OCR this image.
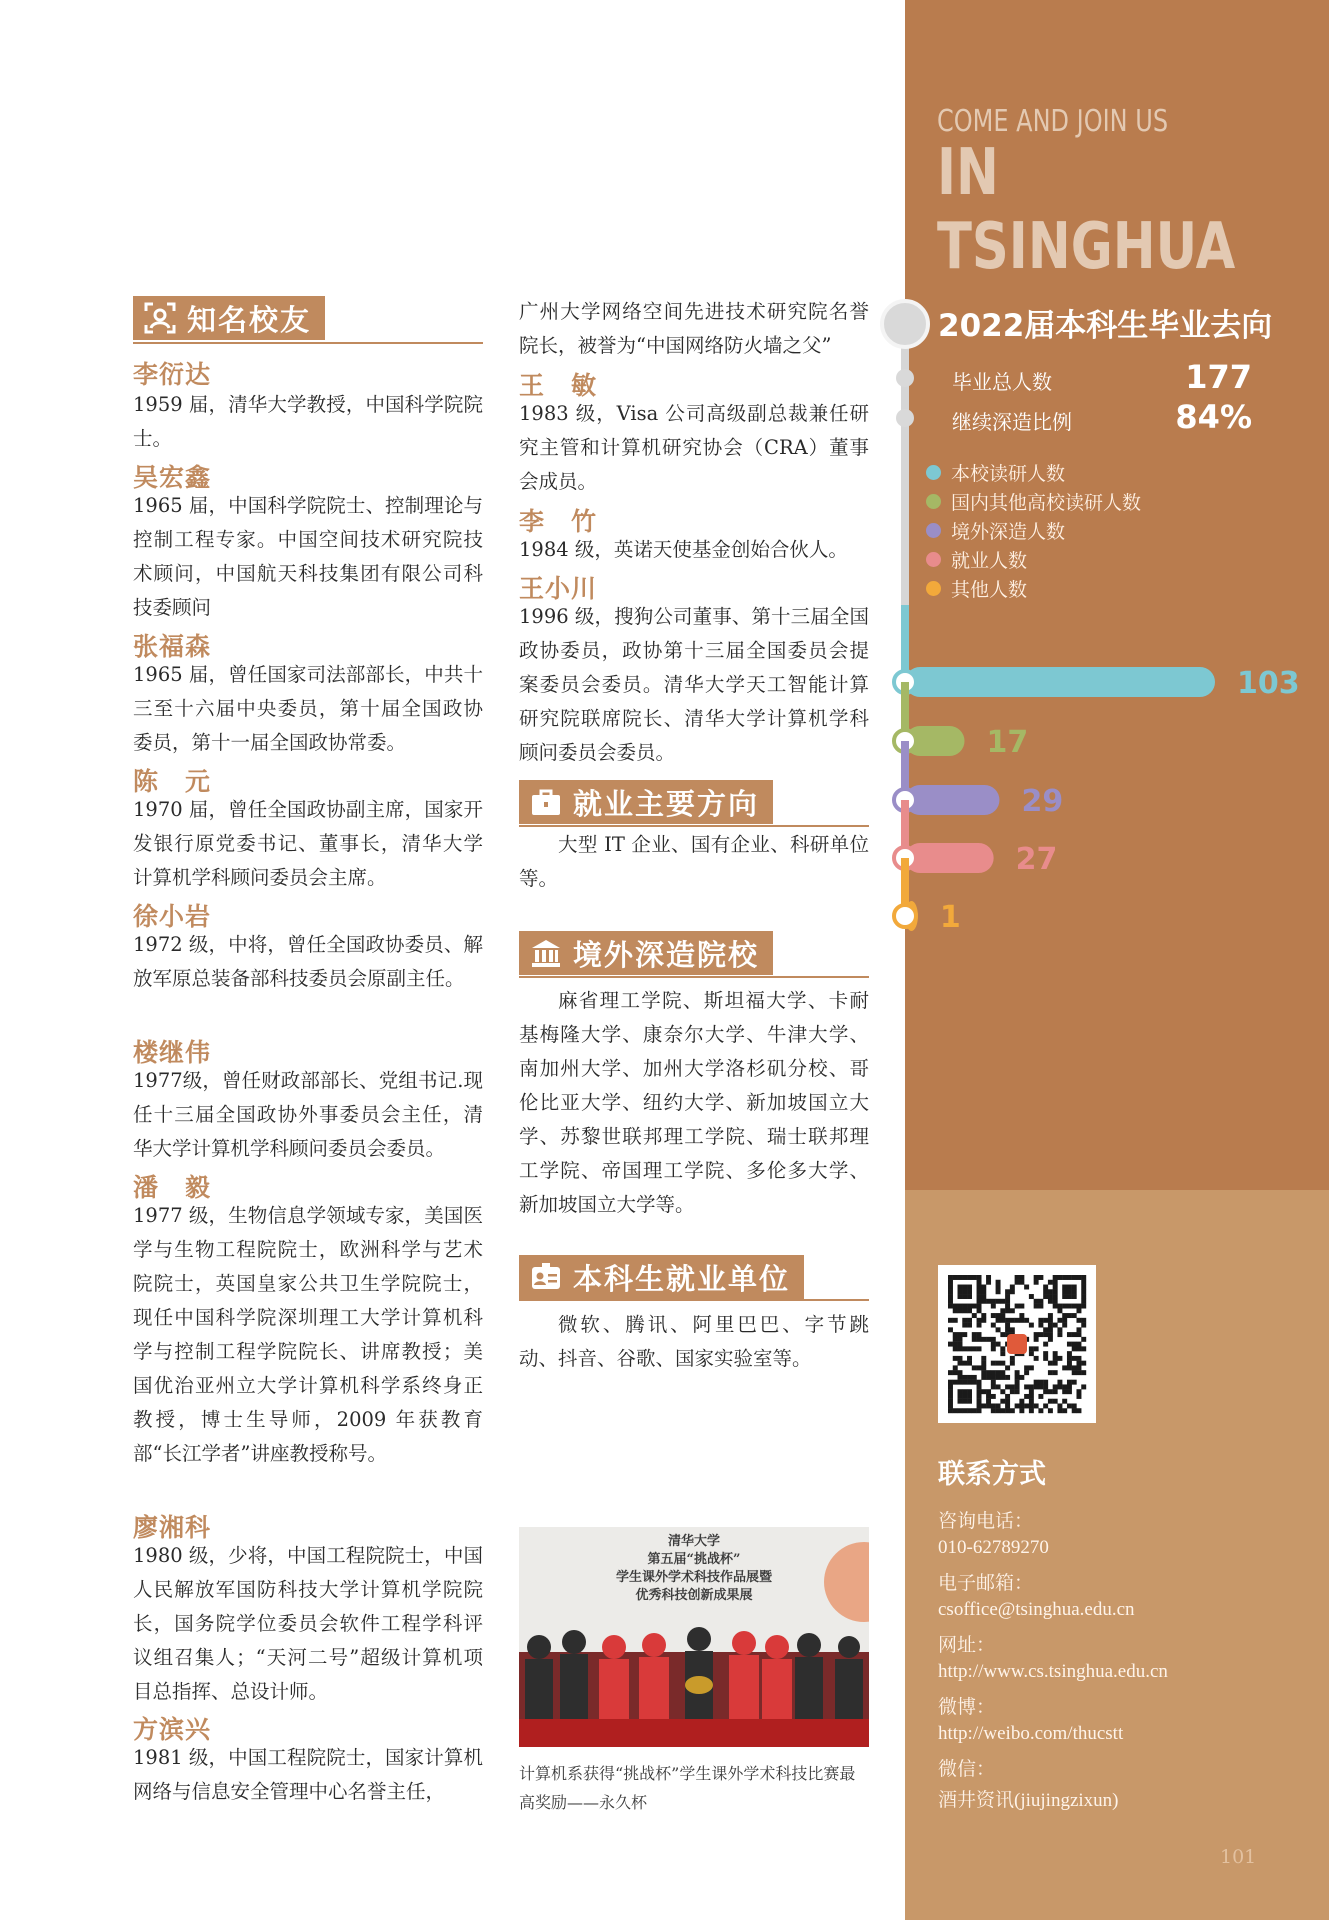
COME AND JOIN US
IN TSINGHUA
2022届本科生毕业去向
毕业总人数	177
继续深造比例	84%
本校读研人数
国内其他高校读研人数
境外深造人数
就业人数
其他人数
103
17
29
27
1
联系方式
咨询电话：
010-62789270
电子邮箱：
csoffice@tsinghua.edu.cn
网址：
http://www.cs.tsinghua.edu.cn
微博：
http://weibo.com/thucstt
微信：
酒井资讯(jiujingzixun)
101
知名校友
李衍达
1959 届，清华大学教授，中国科学院院士。
吴宏鑫
1965 届，中国科学院院士、控制理论与控制工程专家。中国空间技术研究院技术顾问，中国航天科技集团有限公司科技委顾问
张福森
1965 届，曾任国家司法部部长，中共十三至十六届中央委员，第十届全国政协委员，第十一届全国政协常委。
陈　元
1970 届，曾任全国政协副主席，国家开发银行原党委书记、董事长，清华大学计算机学科顾问委员会主席。
徐小岩
1972 级，中将，曾任全国政协委员、解放军原总装备部科技委员会原副主任。
楼继伟
1977级，曾任财政部部长、党组书记.现任十三届全国政协外事委员会主任，清华大学计算机学科顾问委员会委员。
潘　毅
1977 级，生物信息学领域专家，美国医学与生物工程院院士，欧洲科学与艺术院院士，英国皇家公共卫生学院院士，现任中国科学院深圳理工大学计算机科学与控制工程学院院长、讲席教授；美国优治亚州立大学计算机科学系终身正教授，博士生导师，2009 年获教育部“长江学者”讲座教授称号。
廖湘科
1980 级，少将，中国工程院院士，中国人民解放军国防科技大学计算机学院院长，国务院学位委员会软件工程学科评议组召集人；“天河二号”超级计算机项目总指挥、总设计师。
方滨兴
1981 级，中国工程院院士，国家计算机网络与信息安全管理中心名誉主任，
广州大学网络空间先进技术研究院名誉院长，被誉为“中国网络防火墙之父”
王　敏
1983 级，Visa 公司高级副总裁兼任研究主管和计算机研究协会（CRA）董事会成员。
李　竹
1984 级，英诺天使基金创始合伙人。
王小川
1996 级，搜狗公司董事、第十三届全国政协委员，政协第十三届全国委员会提案委员会委员。清华大学天工智能计算研究院联席院长、清华大学计算机学科顾问委员会委员。
就业主要方向
大型 IT 企业、国有企业、科研单位等。
境外深造院校
麻省理工学院、斯坦福大学、卡耐基梅隆大学、康奈尔大学、牛津大学、南加州大学、加州大学洛杉矶分校、哥伦比亚大学、纽约大学、新加坡国立大学、苏黎世联邦理工学院、瑞士联邦理工学院、帝国理工学院、多伦多大学、新加坡国立大学等。
本科生就业单位
微软、腾讯、阿里巴巴、字节跳动、抖音、谷歌、国家实验室等。
清华大学
第五届“挑战杯”
学生课外学术科技作品展暨
优秀科技创新成果展
计算机系获得“挑战杯”学生课外学术科技比赛最高奖励——永久杯
